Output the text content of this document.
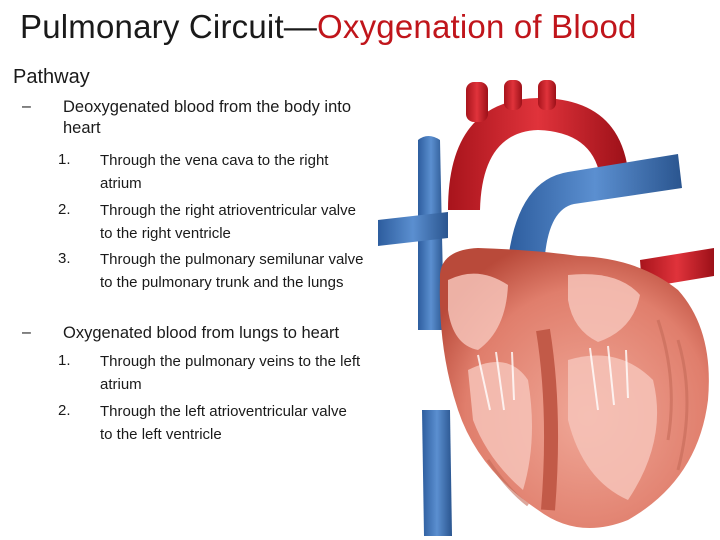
Pulmonary Circuit—Oxygenation of Blood
Pathway
– Deoxygenated blood from the body into heart
1. Through the vena cava to the right atrium
2. Through the right atrioventricular valve to the right ventricle
3. Through the pulmonary semilunar valve to the pulmonary trunk and the lungs
– Oxygenated blood from lungs to heart
1. Through the pulmonary veins to the left atrium
2. Through the left atrioventricular valve to the left ventricle
